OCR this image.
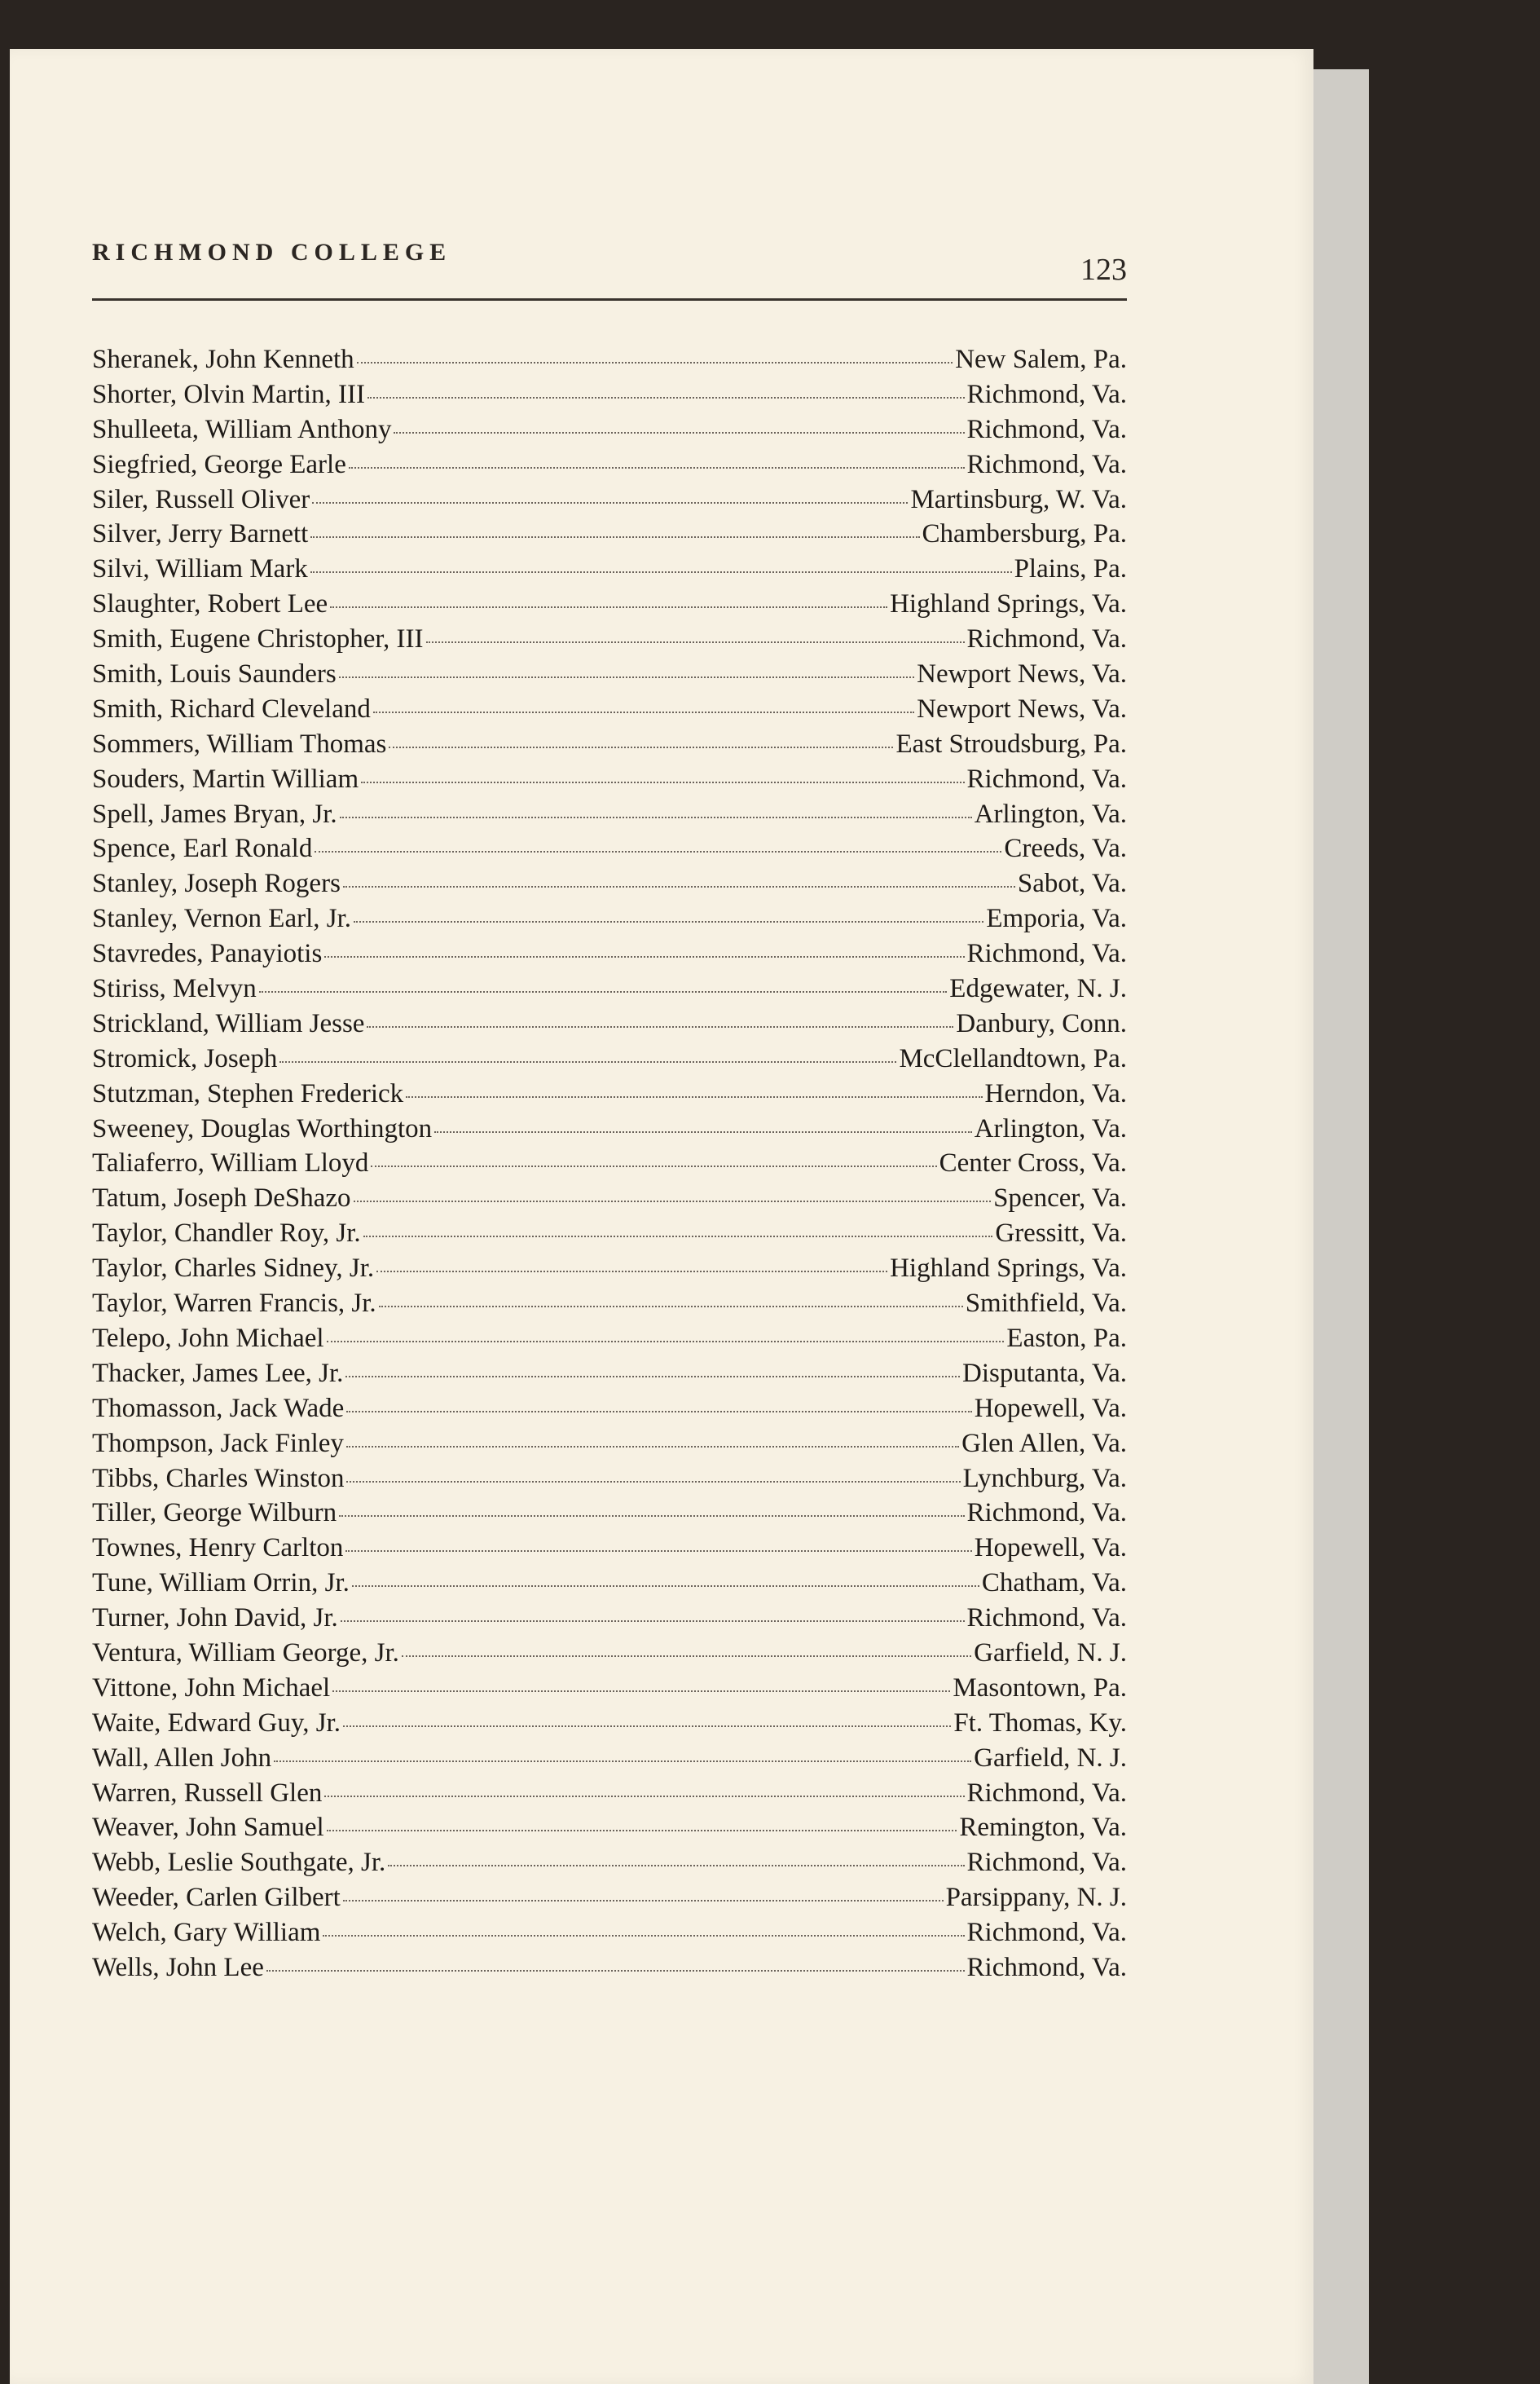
RICHMOND COLLEGE
123
Sheranek, John Kenneth	New Salem, Pa.
Shorter, Olvin Martin, III	Richmond, Va.
Shulleeta, William Anthony	Richmond, Va.
Siegfried, George Earle	Richmond, Va.
Siler, Russell Oliver	Martinsburg, W. Va.
Silver, Jerry Barnett	Chambersburg, Pa.
Silvi, William Mark	Plains, Pa.
Slaughter, Robert Lee	Highland Springs, Va.
Smith, Eugene Christopher, III	Richmond, Va.
Smith, Louis Saunders	Newport News, Va.
Smith, Richard Cleveland	Newport News, Va.
Sommers, William Thomas	East Stroudsburg, Pa.
Souders, Martin William	Richmond, Va.
Spell, James Bryan, Jr.	Arlington, Va.
Spence, Earl Ronald	Creeds, Va.
Stanley, Joseph Rogers	Sabot, Va.
Stanley, Vernon Earl, Jr.	Emporia, Va.
Stavredes, Panayiotis	Richmond, Va.
Stiriss, Melvyn	Edgewater, N. J.
Strickland, William Jesse	Danbury, Conn.
Stromick, Joseph	McClellandtown, Pa.
Stutzman, Stephen Frederick	Herndon, Va.
Sweeney, Douglas Worthington	Arlington, Va.
Taliaferro, William Lloyd	Center Cross, Va.
Tatum, Joseph DeShazo	Spencer, Va.
Taylor, Chandler Roy, Jr.	Gressitt, Va.
Taylor, Charles Sidney, Jr.	Highland Springs, Va.
Taylor, Warren Francis, Jr.	Smithfield, Va.
Telepo, John Michael	Easton, Pa.
Thacker, James Lee, Jr.	Disputanta, Va.
Thomasson, Jack Wade	Hopewell, Va.
Thompson, Jack Finley	Glen Allen, Va.
Tibbs, Charles Winston	Lynchburg, Va.
Tiller, George Wilburn	Richmond, Va.
Townes, Henry Carlton	Hopewell, Va.
Tune, William Orrin, Jr.	Chatham, Va.
Turner, John David, Jr.	Richmond, Va.
Ventura, William George, Jr.	Garfield, N. J.
Vittone, John Michael	Masontown, Pa.
Waite, Edward Guy, Jr.	Ft. Thomas, Ky.
Wall, Allen John	Garfield, N. J.
Warren, Russell Glen	Richmond, Va.
Weaver, John Samuel	Remington, Va.
Webb, Leslie Southgate, Jr.	Richmond, Va.
Weeder, Carlen Gilbert	Parsippany, N. J.
Welch, Gary William	Richmond, Va.
Wells, John Lee	Richmond, Va.
